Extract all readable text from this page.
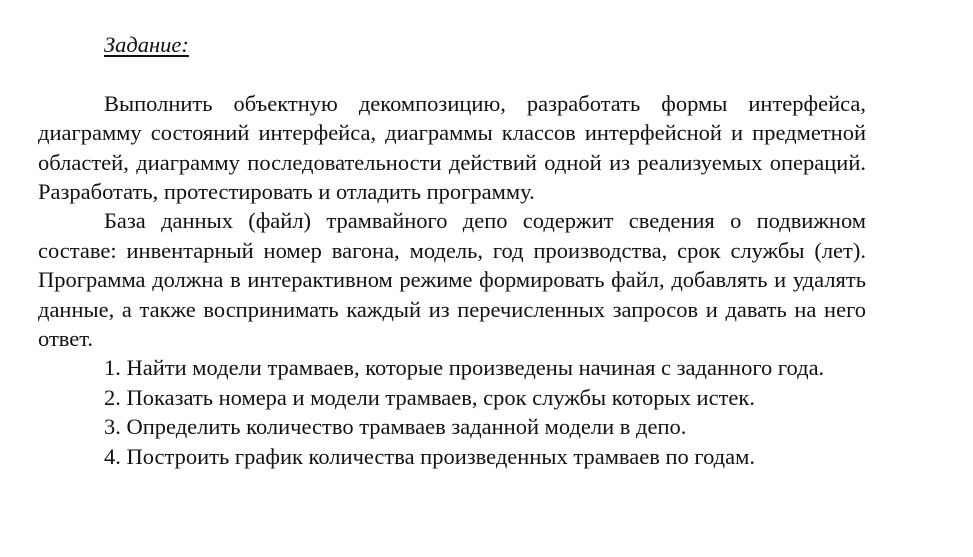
Задание:

Выполнить объектную декомпозицию, разработать формы интерфейса, диаграмму состояний интерфейса, диаграммы классов интерфейсной и предметной областей, диаграмму последовательности действий одной из реализуемых операций. Разработать, протестировать и отладить программу.

База данных (файл) трамвайного депо содержит сведения о подвижном составе: инвентарный номер вагона, модель, год производства, срок службы (лет). Программа должна в интерактивном режиме формировать файл, добавлять и удалять данные, а также воспринимать каждый из перечисленных запросов и давать на него ответ.

1. Найти модели трамваев, которые произведены начиная с заданного года.

2. Показать номера и модели трамваев, срок службы которых истек.

3. Определить количество трамваев заданной модели в депо.

4. Построить график количества произведенных трамваев по годам.
